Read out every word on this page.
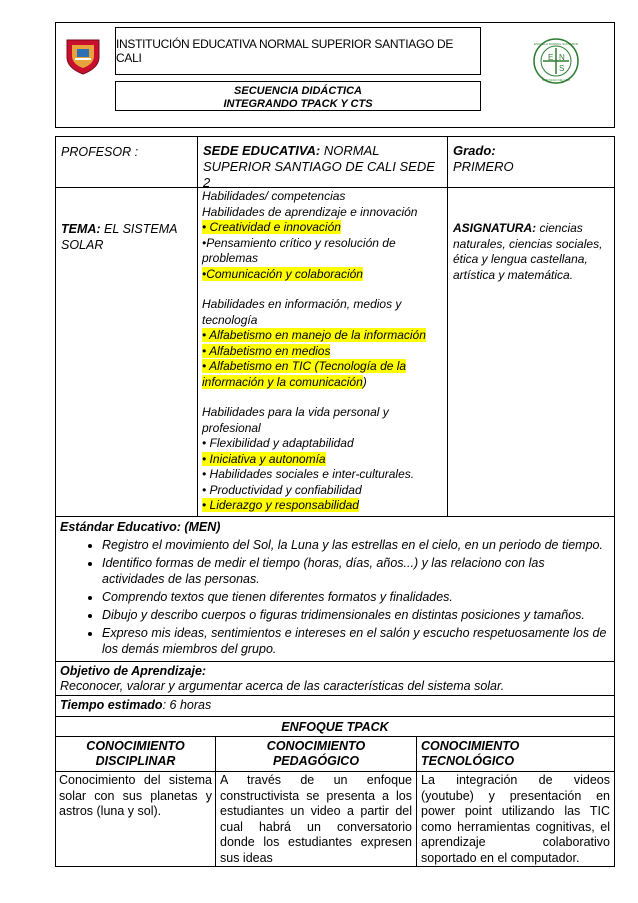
INSTITUCIÓN EDUCATIVA NORMAL SUPERIOR SANTIAGO DE CALI	E N
S
ESCUELA NORMAL SUPERIOR
SANTIAGO DE CALI
SECUENCIA DIDÁCTICA
INTEGRANDO TPACK Y CTS
PROFESOR :	SEDE EDUCATIVA: NORMAL SUPERIOR SANTIAGO DE CALI SEDE 2
Grado:
PRIMERO
TEMA: EL SISTEMA SOLAR
Habilidades/ competencias
Habilidades de aprendizaje e innovación
• Creatividad e innovación
•Pensamiento crítico y resolución de problemas
•Comunicación y colaboración
Habilidades en información, medios y tecnología
• Alfabetismo en manejo de la información
• Alfabetismo en medios
• Alfabetismo en TIC (Tecnología de la información y la comunicación)
Habilidades para la vida personal y profesional
• Flexibilidad y adaptabilidad
• Iniciativa y autonomía
• Habilidades sociales e inter-culturales.
• Productividad y confiabilidad
• Liderazgo y responsabilidad
ASIGNATURA: ciencias naturales, ciencias sociales, ética y lengua castellana, artística y matemática.
Estándar Educativo: (MEN)
• Registro el movimiento del Sol, la Luna y las estrellas en el cielo, en un periodo de tiempo.
• Identifico formas de medir el tiempo (horas, días, años...) y las relaciono con las actividades de las personas.
• Comprendo textos que tienen diferentes formatos y finalidades.
• Dibujo y describo cuerpos o figuras tridimensionales en distintas posiciones y tamaños.
• Expreso mis ideas, sentimientos e intereses en el salón y escucho respetuosamente los de los demás miembros del grupo.
Objetivo de Aprendizaje:
Reconocer, valorar y argumentar acerca de las características del sistema solar.
Tiempo estimado: 6 horas
ENFOQUE TPACK
CONOCIMIENTO DISCIPLINAR
CONOCIMIENTO PEDAGÓGICO
CONOCIMIENTO TECNOLÓGICO
Conocimiento del sistema solar con sus planetas y astros (luna y sol).
A través de un enfoque constructivista se presenta a los estudiantes un video a partir del cual habrá un conversatorio donde los estudiantes expresen sus ideas
La integración de videos (youtube) y presentación en power point utilizando las TIC como herramientas cognitivas, el aprendizaje colaborativo soportado en el computador.
